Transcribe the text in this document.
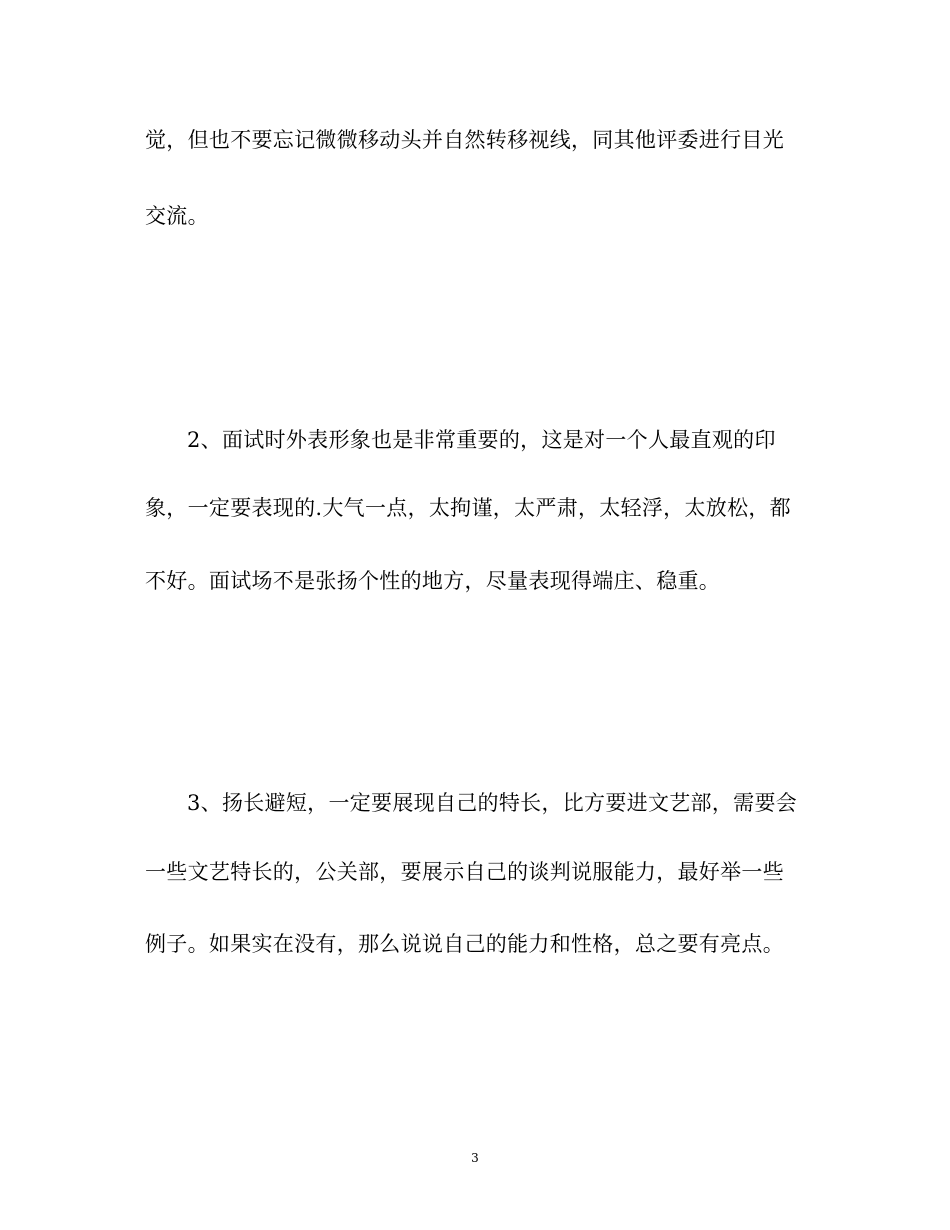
觉，但也不要忘记微微移动头并自然转移视线，同其他评委进行目光
交流。
2、面试时外表形象也是非常重要的，这是对一个人最直观的印
象，一定要表现的.大气一点，太拘谨，太严肃，太轻浮，太放松，都
不好。面试场不是张扬个性的地方，尽量表现得端庄、稳重。
3、扬长避短，一定要展现自己的特长，比方要进文艺部，需要会
一些文艺特长的，公关部，要展示自己的谈判说服能力，最好举一些
例子。如果实在没有，那么说说自己的能力和性格，总之要有亮点。
3
